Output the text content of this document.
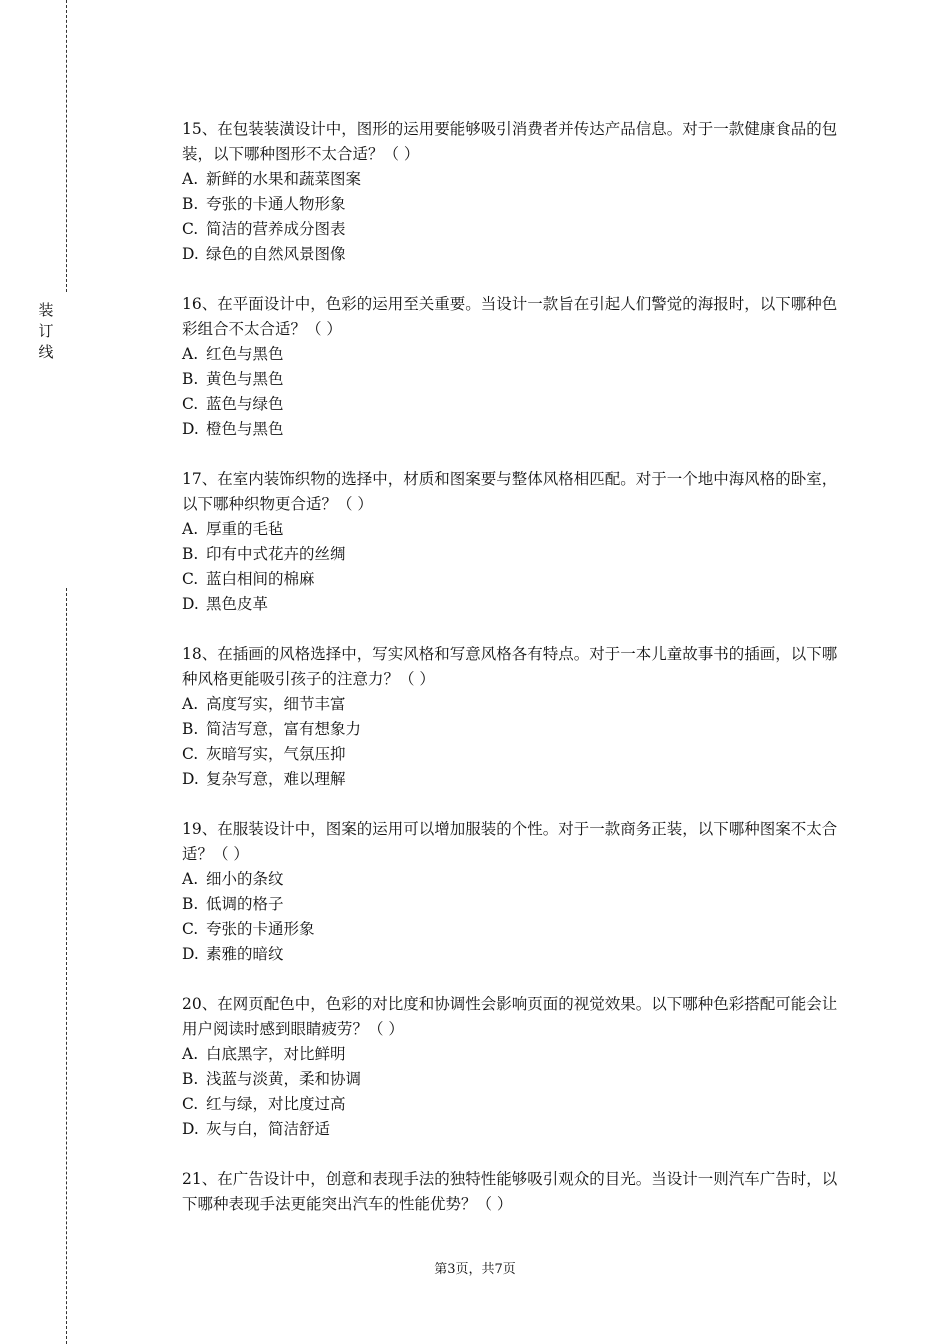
装
订
线

15、在包装装潢设计中，图形的运用要能够吸引消费者并传达产品信息。对于一款健康食品的包装，以下哪种图形不太合适？（ ）

A. 新鲜的水果和蔬菜图案
B. 夸张的卡通人物形象
C. 简洁的营养成分图表
D. 绿色的自然风景图像

16、在平面设计中，色彩的运用至关重要。当设计一款旨在引起人们警觉的海报时，以下哪种色彩组合不太合适？（ ）

A. 红色与黑色
B. 黄色与黑色
C. 蓝色与绿色
D. 橙色与黑色

17、在室内装饰织物的选择中，材质和图案要与整体风格相匹配。对于一个地中海风格的卧室，以下哪种织物更合适？（ ）

A. 厚重的毛毡
B. 印有中式花卉的丝绸
C. 蓝白相间的棉麻
D. 黑色皮革

18、在插画的风格选择中，写实风格和写意风格各有特点。对于一本儿童故事书的插画，以下哪种风格更能吸引孩子的注意力？（ ）

A. 高度写实，细节丰富
B. 简洁写意，富有想象力
C. 灰暗写实，气氛压抑
D. 复杂写意，难以理解

19、在服装设计中，图案的运用可以增加服装的个性。对于一款商务正装，以下哪种图案不太合适？（ ）

A. 细小的条纹
B. 低调的格子
C. 夸张的卡通形象
D. 素雅的暗纹

20、在网页配色中，色彩的对比度和协调性会影响页面的视觉效果。以下哪种色彩搭配可能会让用户阅读时感到眼睛疲劳？（ ）

A. 白底黑字，对比鲜明
B. 浅蓝与淡黄，柔和协调
C. 红与绿，对比度过高
D. 灰与白，简洁舒适

21、在广告设计中，创意和表现手法的独特性能够吸引观众的目光。当设计一则汽车广告时，以下哪种表现手法更能突出汽车的性能优势？（ ）

第3页，共7页
